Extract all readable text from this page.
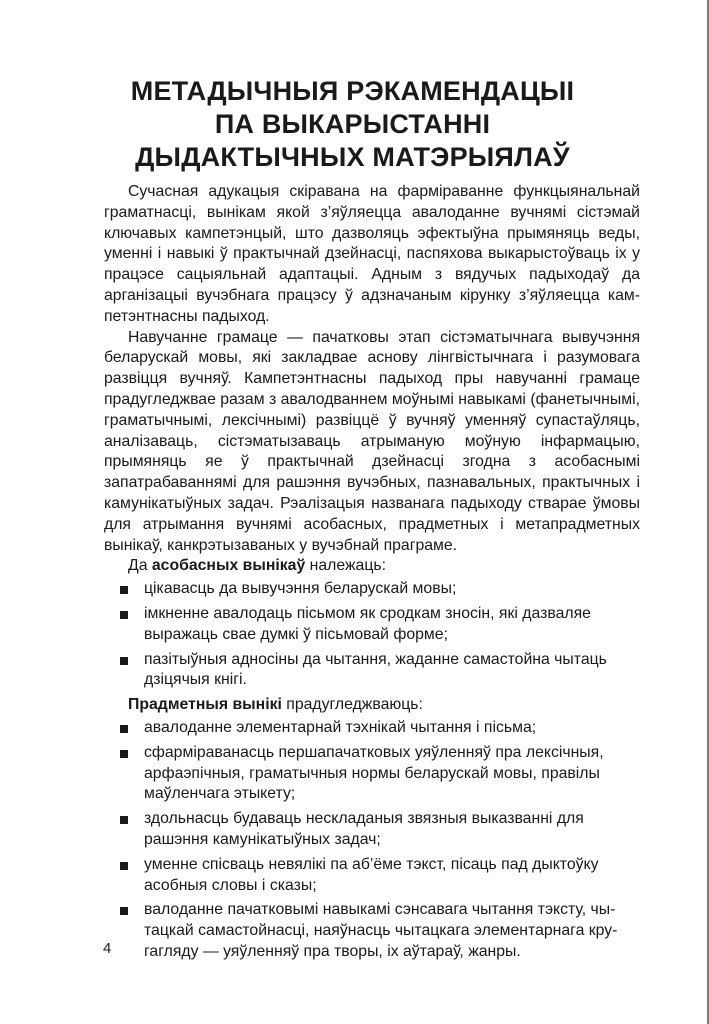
МЕТАДЫЧНЫЯ РЭКАМЕНДАЦЫІ
ПА ВЫКАРЫСТАННІ
ДЫДАКТЫЧНЫХ МАТЭРЫЯЛАЎ

Сучасная адукацыя скіравана на фарміраванне функцыянальнай граматнасці, вынікам якой з’яўляецца авалоданне вучнямі сістэмай ключавых кампетэнцый, што дазволяць эфектыўна прымяняць веды, уменні і навыкі ў практычнай дзейнасці, паспяхова выкарыстоўваць іх у працэсе сацыяльнай адаптацыі. Адным з вядучых падыходаў да арганізацыі вучэбнага працэсу ў адзначаным кірунку з’яўляецца кампетэнтнасны падыход.

Навучанне грамаце — пачатковы этап сістэматычнага вывучэння беларускай мовы, які закладвае аснову лінгвістычнага і разумовага развіцця вучняў. Кампетэнтнасны падыход пры навучанні грамаце прадугледжвае разам з авалодваннем моўнымі навыкамі (фанетычнымі, граматычнымі, лексічнымі) развіццё ў вучняў уменняў супастаўляць, аналізаваць, сістэматызаваць атрыманую моўную інфармацыю, прымяняць яе ў практычнай дзейнасці згодна з асобаснымі запатрабаваннямі для рашэння вучэбных, пазнавальных, практычных і камунікатыўных задач. Рэалізацыя названага падыходу стварае ўмовы для атрымання вучнямі асобасных, прадметных і метапрадметных вынікаў, канкрэтызаваных у вучэбнай праграме.

Да асобасных вынікаў належаць:

цікавасць да вывучэння беларускай мовы;
імкненне авалодаць пісьмом як сродкам зносін, які дазваляе выражаць свае думкі ў пісьмовай форме;
пазітыўныя адносіны да чытання, жаданне самастойна чытаць дзіцячыя кнігі.

Прадметныя вынікі прадугледжваюць:

авалоданне элементарнай тэхнікай чытання і пісьма;
сфарміраванасць першапачатковых уяўленняў пра лексічныя, арфаэпічныя, граматычныя нормы беларускай мовы, правілы маўленчага этыкету;
здольнасць будаваць нескладаныя звязныя выказванні для рашэння камунікатыўных задач;
уменне спісваць невялікі па аб’ёме тэкст, пісаць пад дыктоўку асобныя словы і сказы;
валоданне пачатковымі навыкамі сэнсавага чытання тэксту, чытацкай самастойнасці, наяўнасць чытацкага элементарнага кругагляду — уяўленняў пра творы, іх аўтараў, жанры.
4
